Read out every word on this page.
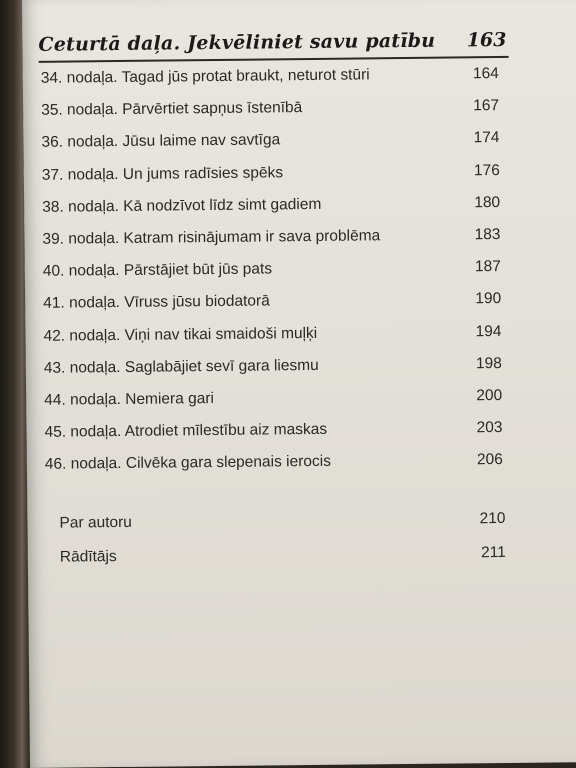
Ceturtā daļa. Jekvēliniet savu patību 163
34. nodaļa. Tagad jūs protat braukt, neturot stūri	164
35. nodaļa. Pārvērtiet sapņus īstenībā	167
36. nodaļa. Jūsu laime nav savtīga	174
37. nodaļa. Un jums radīsies spēks	176
38. nodaļa. Kā nodzīvot līdz simt gadiem	180
39. nodaļa. Katram risinājumam ir sava problēma	183
40. nodaļa. Pārstājiet būt jūs pats	187
41. nodaļa. Vīruss jūsu biodatorā	190
42. nodaļa. Viņi nav tikai smaidoši muļķi	194
43. nodaļa. Saglabājiet sevī gara liesmu	198
44. nodaļa. Nemiera gari	200
45. nodaļa. Atrodiet mīlestību aiz maskas	203
46. nodaļa. Cilvēka gara slepenais ierocis	206
Par autoru	210
Rādītājs	211
